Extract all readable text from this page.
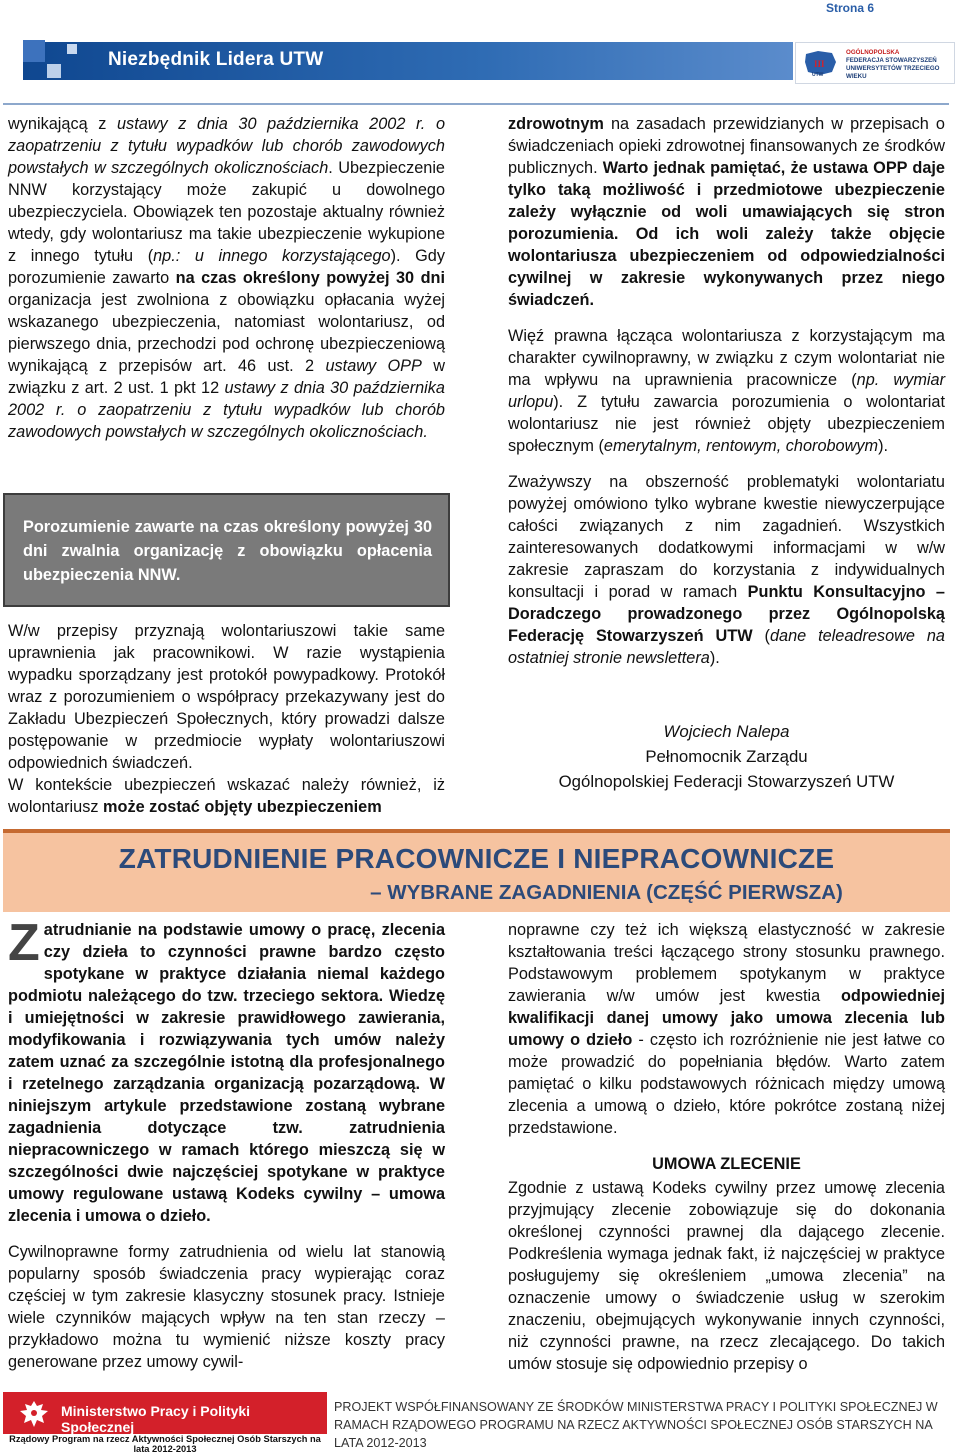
Strona 6
Niezbędnik Lidera UTW	III
UTW
OGÓLNOPOLSKA
FEDERACJA STOWARZYSZEŃ
UNIWERSYTETÓW TRZECIEGO WIEKU

wynikającą z ustawy z dnia 30 października 2002 r. o zaopatrzeniu z tytułu wypadków lub chorób zawodowych powstałych w szczególnych okolicznościach. Ubezpieczenie NNW korzystający może zakupić u dowolnego ubezpieczyciela. Obowiązek ten pozostaje aktualny również wtedy, gdy wolontariusz ma takie ubezpieczenie wykupione z innego tytułu (np.: u innego korzystającego). Gdy porozumienie zawarto na czas określony powyżej 30 dni organizacja jest zwolniona z obowiązku opłacania wyżej wskazanego ubezpieczenia, natomiast wolontariusz, od pierwszego dnia, przechodzi pod ochronę ubezpieczeniową wynikającą z przepisów art. 46 ust. 2 ustawy OPP w związku z art. 2 ust. 1 pkt 12 ustawy z dnia 30 października 2002 r. o zaopatrzeniu z tytułu wypadków lub chorób zawodowych powstałych w szczególnych okolicznościach.

Porozumienie zawarte na czas określony powyżej 30 dni zwalnia organizację z obowiązku opłacenia ubezpieczenia NNW.

W/w przepisy przyznają wolontariuszowi takie same uprawnienia jak pracownikowi. W razie wystąpienia wypadku sporządzany jest protokół powypadkowy. Protokół wraz z porozumieniem o współpracy przekazywany jest do Zakładu Ubezpieczeń Społecznych, który prowadzi dalsze postępowanie w przedmiocie wypłaty wolontariuszowi odpowiednich świadczeń.

W kontekście ubezpieczeń wskazać należy również, iż wolontariusz może zostać objęty ubezpieczeniem

zdrowotnym na zasadach przewidzianych w przepisach o świadczeniach opieki zdrowotnej finansowanych ze środków publicznych. Warto jednak pamiętać, że ustawa OPP daje tylko taką możliwość i przedmiotowe ubezpieczenie zależy wyłącznie od woli umawiających się stron porozumienia. Od ich woli zależy także objęcie wolontariusza ubezpieczeniem od odpowiedzialności cywilnej w zakresie wykonywanych przez niego świadczeń.

Więź prawna łącząca wolontariusza z korzystającym ma charakter cywilnoprawny, w związku z czym wolontariat nie ma wpływu na uprawnienia pracownicze (np. wymiar urlopu). Z tytułu zawarcia porozumienia o wolontariat wolontariusz nie jest również objęty ubezpieczeniem społecznym (emerytalnym, rentowym, chorobowym).

Zważywszy na obszerność problematyki wolontariatu powyżej omówiono tylko wybrane kwestie niewyczerpujące całości związanych z nim zagadnień. Wszystkich zainteresowanych dodatkowymi informacjami w w/w zakresie zapraszam do korzystania z indywidualnych konsultacji i porad w ramach Punktu Konsultacyjno – Doradczego prowadzonego przez Ogólnopolską Federację Stowarzyszeń UTW (dane teleadresowe na ostatniej stronie newslettera).

Wojciech Nalepa
Pełnomocnik Zarządu
Ogólnopolskiej Federacji Stowarzyszeń UTW
ZATRUDNIENIE PRACOWNICZE I NIEPRACOWNICZE
– WYBRANE ZAGADNIENIA (CZĘŚĆ PIERWSZA)

Zatrudnianie na podstawie umowy o pracę, zlecenia czy dzieła to czynności prawne bardzo często spotykane w praktyce działania niemal każdego podmiotu należącego do tzw. trzeciego sektora. Wiedzę i umiejętności w zakresie prawidłowego zawierania, modyfikowania i rozwiązywania tych umów należy zatem uznać za szczególnie istotną dla profesjonalnego i rzetelnego zarządzania organizacją pozarządową. W niniejszym artykule przedstawione zostaną wybrane zagadnienia dotyczące tzw. zatrudnienia niepracowniczego w ramach którego mieszczą się w szczególności dwie najczęściej spotykane w praktyce umowy regulowane ustawą Kodeks cywilny – umowa zlecenia i umowa o dzieło.

Cywilnoprawne formy zatrudnienia od wielu lat stanowią popularny sposób świadczenia pracy wypierając coraz częściej w tym zakresie klasyczny stosunek pracy. Istnieje wiele czynników mających wpływ na ten stan rzeczy – przykładowo można tu wymienić niższe koszty pracy generowane przez umowy cywil-

noprawne czy też ich większą elastyczność w zakresie kształtowania treści łączącego strony stosunku prawnego. Podstawowym problemem spotykanym w praktyce zawierania w/w umów jest kwestia odpowiedniej kwalifikacji danej umowy jako umowa zlecenia lub umowy o dzieło - często ich rozróżnienie nie jest łatwe co może prowadzić do popełniania błędów. Warto zatem pamiętać o kilku podstawowych różnicach między umową zlecenia a umową o dzieło, które pokrótce zostaną niżej przedstawione.

UMOWA ZLECENIE

Zgodnie z ustawą Kodeks cywilny przez umowę zlecenia przyjmujący zlecenie zobowiązuje się do dokonania określonej czynności prawnej dla dającego zlecenie. Podkreślenia wymaga jednak fakt, iż najczęściej w praktyce posługujemy się określeniem „umowa zlecenia” na oznaczenie umowy o świadczenie usług w szerokim znaczeniu, obejmujących wykonywanie innych czynności, niż czynności prawne, na rzecz zlecającego. Do takich umów stosuje się odpowiednio przepisy o

Ministerstwo Pracy i Polityki Społecznej
Rządowy Program na rzecz Aktywności Społecznej Osób Starszych na lata 2012-2013
PROJEKT WSPÓŁFINANSOWANY ZE ŚRODKÓW MINISTERSTWA PRACY I POLITYKI SPOŁECZNEJ W RAMACH RZĄDOWEGO PROGRAMU NA RZECZ AKTYWNOŚCI SPOŁECZNEJ OSÓB STARSZYCH NA LATA 2012-2013
